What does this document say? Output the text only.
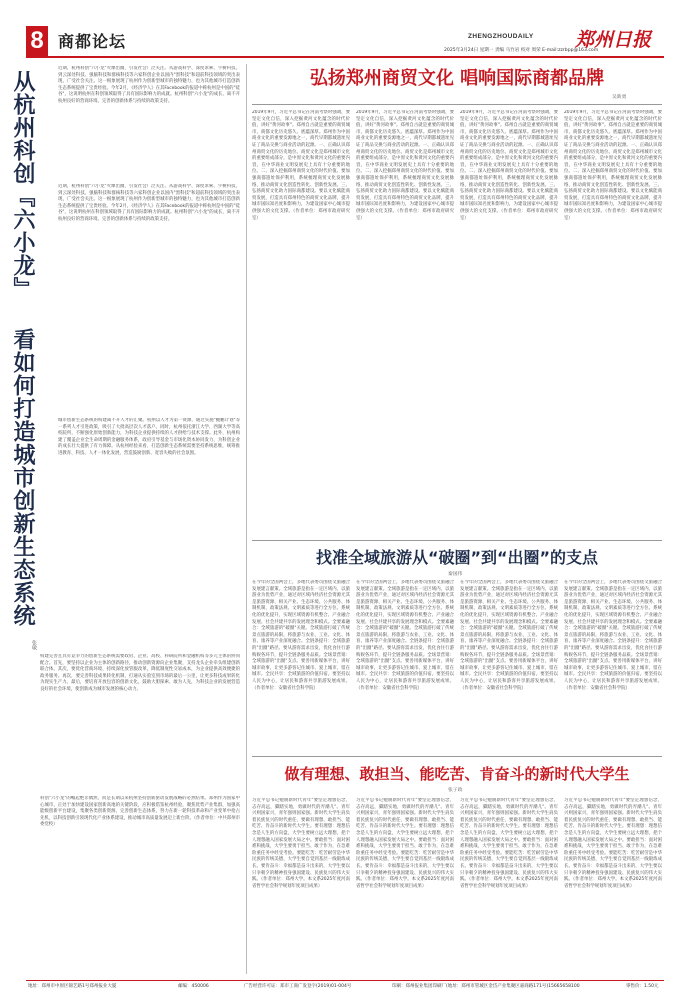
8 商都论坛	ZHENGZHOUDAILY 郑州日报
2025年3月24日 星期一 责编 马竹岩 校对 周荣 E-mail:zzrbpp@163.com
从杭州科创『六小龙』
看如何打造城市创新生态系统
张敏
近期，杭州科创"六小龙"火爆出圈，引发社会广泛关注。从游戏科学、深度求索、宇树科技，到云深处科技、强脑科技和群核科技等六家科创企业以国内"黑科技"和超前科技领域的突出表现，广受社会关注。这一根象展现了杭州作为创新型城市的独特魅力，也为其他城市打造创新生态系统提供了宝贵经验。今年2月，《经济学人》在其Facebook的报道中称杭州是中国的"硅谷"，这说明杭州在科创领域取得了具有国际影响力的成就。杭州科创"六小龙"的成长，离不开杭州良好的营商环境、完善的创新体系与持续的政策支持。
近期，杭州科创"六小龙"火爆出圈，引发社会广泛关注。从游戏科学、深度求索、宇树科技，到云深处科技、强脑科技和群核科技等六家科创企业以国内"黑科技"和超前科技领域的突出表现，广受社会关注。这一根象展现了杭州作为创新型城市的独特魅力，也为其他城市打造创新生态系统提供了宝贵经验。今年2月，《经济学人》在其Facebook的报道中称杭州是中国的"硅谷"，这说明杭州在科创领域取得了具有国际影响力的成就。杭州科创"六小龙"的成长，离不开杭州良好的营商环境、完善的创新体系与持续的政策支持。
城市创新生态系统的构建离不开人才的汇聚。杭州以人才为第一资源，通过实施"鲲鹏计划"等一系列人才引进政策，吸引了大批高层次人才落户。同时，杭州依托浙江大学、西湖大学等高校院所，不断强化原始创新能力，为科技企业提供持续的人才供给与技术支撑。此外，杭州构建了覆盖企业全生命周期的金融服务体系，政府引导基金与市场化资本协同发力，为科创企业的成长壮大提供了有力保障。从杭州经验来看，打造创新生态系统需要坚持系统思维，统筹推进教育、科技、人才一体化发展，营造鼓励创新、宽容失败的社会氛围。
构建完善且具有竞争力的创新生态系统需要政府、企业、高校、科研院所和金融机构等多元主体的协同配合。首先，要坚持以企业为主体的创新路径，推动创新资源向企业集聚，支持龙头企业牵头组建创新联合体。其次，要优化营商环境，持续深化放管服改革，降低制度性交易成本，为企业提供高效便捷的政务服务。再次，要完善科技成果转化机制，打通从实验室到市场的最后一公里，让更多科技成果转化为现实生产力。最后，要培育开放包容的创新文化，鼓励大胆探索、敢为人先，为科技企业的发展营造良好的社会环境，使创新成为城市发展的核心动力。
科创"六小龙"的崛起绝非偶然，而是长期以来杭州坚持创新驱动发展战略的必然结果。郑州作为国家中心城市，正处于加快建设国家创新高地的关键阶段，应积极借鉴杭州经验，聚焦优势产业集群，加强高能级创新平台建设，集聚各类创新资源，完善创新生态体系，努力在新一轮科技革命和产业变革中抢占先机，以科技创新引领现代化产业体系建设，推动城市高质量发展迈上新台阶。（作者单位：中共郑州市委党校）
弘扬郑州商贸文化 唱响国际商都品牌
吴新勇
2019年9月，习近平总书记在河南考察时强调，要坚定文化自信，深入挖掘黄河文化蕴含的时代价值，讲好"黄河故事"。郑州自古就是重要的商贸城市，商都文化历史悠久、底蕴深厚。郑州作为中国商业文化的重要发源地之一，商代早期都城遗址见证了商品交换与商业活动的起源。一、正确认识郑州商贸文化的历史地位。商贸文化是郑州城市文化的重要组成部分，是中原文化和黄河文化的重要内容，在中华商业文明发展史上具有十分重要的地位。二、深入挖掘郑州商贸文化的时代价值。要加强商都遗址保护利用，系统梳理商贸文化发展脉络，推动商贸文化创造性转化、创新性发展。三、弘扬商贸文化助力国际商都建设。要以文化赋能商贸发展，打造具有郑州特色的商贸文化品牌，提升城市国际知名度和影响力，为建设国家中心城市提供强大的文化支撑。（作者单位：郑州市政府研究室）
2019年9月，习近平总书记在河南考察时强调，要坚定文化自信，深入挖掘黄河文化蕴含的时代价值，讲好"黄河故事"。郑州自古就是重要的商贸城市，商都文化历史悠久、底蕴深厚。郑州作为中国商业文化的重要发源地之一，商代早期都城遗址见证了商品交换与商业活动的起源。一、正确认识郑州商贸文化的历史地位。商贸文化是郑州城市文化的重要组成部分，是中原文化和黄河文化的重要内容，在中华商业文明发展史上具有十分重要的地位。二、深入挖掘郑州商贸文化的时代价值。要加强商都遗址保护利用，系统梳理商贸文化发展脉络，推动商贸文化创造性转化、创新性发展。三、弘扬商贸文化助力国际商都建设。要以文化赋能商贸发展，打造具有郑州特色的商贸文化品牌，提升城市国际知名度和影响力，为建设国家中心城市提供强大的文化支撑。（作者单位：郑州市政府研究室）
2019年9月，习近平总书记在河南考察时强调，要坚定文化自信，深入挖掘黄河文化蕴含的时代价值，讲好"黄河故事"。郑州自古就是重要的商贸城市，商都文化历史悠久、底蕴深厚。郑州作为中国商业文化的重要发源地之一，商代早期都城遗址见证了商品交换与商业活动的起源。一、正确认识郑州商贸文化的历史地位。商贸文化是郑州城市文化的重要组成部分，是中原文化和黄河文化的重要内容，在中华商业文明发展史上具有十分重要的地位。二、深入挖掘郑州商贸文化的时代价值。要加强商都遗址保护利用，系统梳理商贸文化发展脉络，推动商贸文化创造性转化、创新性发展。三、弘扬商贸文化助力国际商都建设。要以文化赋能商贸发展，打造具有郑州特色的商贸文化品牌，提升城市国际知名度和影响力，为建设国家中心城市提供强大的文化支撑。（作者单位：郑州市政府研究室）
2019年9月，习近平总书记在河南考察时强调，要坚定文化自信，深入挖掘黄河文化蕴含的时代价值，讲好"黄河故事"。郑州自古就是重要的商贸城市，商都文化历史悠久、底蕴深厚。郑州作为中国商业文化的重要发源地之一，商代早期都城遗址见证了商品交换与商业活动的起源。一、正确认识郑州商贸文化的历史地位。商贸文化是郑州城市文化的重要组成部分，是中原文化和黄河文化的重要内容，在中华商业文明发展史上具有十分重要的地位。二、深入挖掘郑州商贸文化的时代价值。要加强商都遗址保护利用，系统梳理商贸文化发展脉络，推动商贸文化创造性转化、创新性发展。三、弘扬商贸文化助力国际商都建设。要以文化赋能商贸发展，打造具有郑州特色的商贸文化品牌，提升城市国际知名度和影响力，为建设国家中心城市提供强大的文化支撑。（作者单位：郑州市政府研究室）
找准全域旅游从“破圈”到“出圈”的支点
秦国伟
在今年的全国两会上，多地代表委员围绕文旅融合发展建言献策。全域旅游是指在一定区域内，以旅游业为优势产业，通过对区域内经济社会资源尤其是旅游资源、相关产业、生态环境、公共服务、体制机制、政策法规、文明素质等进行全方位、系统化的优化提升，实现区域资源有机整合、产业融合发展、社会共建共享的发展理念和模式。全要素融合：全域旅游的"破圈"关键。全域旅游打破了传统景点旅游的局限，将旅游与农业、工业、文化、体育、康养等产业深度融合。全链条提升：全域旅游的"出圈"路径。要从游客需求出发，优化食住行游购娱各环节，提升全链条服务品质。全场景营销：全域旅游的"出圈"支点。要善用新媒体平台，讲好城市故事，让更多游客记住城市、爱上城市、留在城市。全民共享：全域旅游的价值归宿。要坚持以人民为中心，让居民和游客共享旅游发展成果。（作者单位：安徽省社会科学院）
在今年的全国两会上，多地代表委员围绕文旅融合发展建言献策。全域旅游是指在一定区域内，以旅游业为优势产业，通过对区域内经济社会资源尤其是旅游资源、相关产业、生态环境、公共服务、体制机制、政策法规、文明素质等进行全方位、系统化的优化提升，实现区域资源有机整合、产业融合发展、社会共建共享的发展理念和模式。全要素融合：全域旅游的"破圈"关键。全域旅游打破了传统景点旅游的局限，将旅游与农业、工业、文化、体育、康养等产业深度融合。全链条提升：全域旅游的"出圈"路径。要从游客需求出发，优化食住行游购娱各环节，提升全链条服务品质。全场景营销：全域旅游的"出圈"支点。要善用新媒体平台，讲好城市故事，让更多游客记住城市、爱上城市、留在城市。全民共享：全域旅游的价值归宿。要坚持以人民为中心，让居民和游客共享旅游发展成果。（作者单位：安徽省社会科学院）
在今年的全国两会上，多地代表委员围绕文旅融合发展建言献策。全域旅游是指在一定区域内，以旅游业为优势产业，通过对区域内经济社会资源尤其是旅游资源、相关产业、生态环境、公共服务、体制机制、政策法规、文明素质等进行全方位、系统化的优化提升，实现区域资源有机整合、产业融合发展、社会共建共享的发展理念和模式。全要素融合：全域旅游的"破圈"关键。全域旅游打破了传统景点旅游的局限，将旅游与农业、工业、文化、体育、康养等产业深度融合。全链条提升：全域旅游的"出圈"路径。要从游客需求出发，优化食住行游购娱各环节，提升全链条服务品质。全场景营销：全域旅游的"出圈"支点。要善用新媒体平台，讲好城市故事，让更多游客记住城市、爱上城市、留在城市。全民共享：全域旅游的价值归宿。要坚持以人民为中心，让居民和游客共享旅游发展成果。（作者单位：安徽省社会科学院）
在今年的全国两会上，多地代表委员围绕文旅融合发展建言献策。全域旅游是指在一定区域内，以旅游业为优势产业，通过对区域内经济社会资源尤其是旅游资源、相关产业、生态环境、公共服务、体制机制、政策法规、文明素质等进行全方位、系统化的优化提升，实现区域资源有机整合、产业融合发展、社会共建共享的发展理念和模式。全要素融合：全域旅游的"破圈"关键。全域旅游打破了传统景点旅游的局限，将旅游与农业、工业、文化、体育、康养等产业深度融合。全链条提升：全域旅游的"出圈"路径。要从游客需求出发，优化食住行游购娱各环节，提升全链条服务品质。全场景营销：全域旅游的"出圈"支点。要善用新媒体平台，讲好城市故事，让更多游客记住城市、爱上城市、留在城市。全民共享：全域旅游的价值归宿。要坚持以人民为中心，让居民和游客共享旅游发展成果。（作者单位：安徽省社会科学院）
做有理想、敢担当、能吃苦、肯奋斗的新时代大学生
张子政
习近平总书记勉励新时代青年"要坚定理想信念，志存高远，脚踏实地，勇做时代的弄潮儿"。青年兴则国家兴，青年强则国家强。新时代大学生肩负着民族复兴的时代重任，要做有理想、敢担当、能吃苦、肯奋斗的新时代大学生。要有理想：理想信念是人生的方向盘，大学生要树立远大理想，把个人理想融入国家发展大局之中。要敢担当：面对困难和挑战，大学生要勇于担当、敢于作为，在急难险重任务中经受考验。要能吃苦：吃苦耐劳是中华民族的传统美德，大学生要自觉到基层一线锻炼成长。要肯奋斗：幸福都是奋斗出来的，大学生要以只争朝夕的精神投身强国建设、民族复兴的伟大实践。（作者单位：郑州大学。本文系2025年度河南省哲学社会科学规划年度项目成果）
习近平总书记勉励新时代青年"要坚定理想信念，志存高远，脚踏实地，勇做时代的弄潮儿"。青年兴则国家兴，青年强则国家强。新时代大学生肩负着民族复兴的时代重任，要做有理想、敢担当、能吃苦、肯奋斗的新时代大学生。要有理想：理想信念是人生的方向盘，大学生要树立远大理想，把个人理想融入国家发展大局之中。要敢担当：面对困难和挑战，大学生要勇于担当、敢于作为，在急难险重任务中经受考验。要能吃苦：吃苦耐劳是中华民族的传统美德，大学生要自觉到基层一线锻炼成长。要肯奋斗：幸福都是奋斗出来的，大学生要以只争朝夕的精神投身强国建设、民族复兴的伟大实践。（作者单位：郑州大学。本文系2025年度河南省哲学社会科学规划年度项目成果）
习近平总书记勉励新时代青年"要坚定理想信念，志存高远，脚踏实地，勇做时代的弄潮儿"。青年兴则国家兴，青年强则国家强。新时代大学生肩负着民族复兴的时代重任，要做有理想、敢担当、能吃苦、肯奋斗的新时代大学生。要有理想：理想信念是人生的方向盘，大学生要树立远大理想，把个人理想融入国家发展大局之中。要敢担当：面对困难和挑战，大学生要勇于担当、敢于作为，在急难险重任务中经受考验。要能吃苦：吃苦耐劳是中华民族的传统美德，大学生要自觉到基层一线锻炼成长。要肯奋斗：幸福都是奋斗出来的，大学生要以只争朝夕的精神投身强国建设、民族复兴的伟大实践。（作者单位：郑州大学。本文系2025年度河南省哲学社会科学规划年度项目成果）
习近平总书记勉励新时代青年"要坚定理想信念，志存高远，脚踏实地，勇做时代的弄潮儿"。青年兴则国家兴，青年强则国家强。新时代大学生肩负着民族复兴的时代重任，要做有理想、敢担当、能吃苦、肯奋斗的新时代大学生。要有理想：理想信念是人生的方向盘，大学生要树立远大理想，把个人理想融入国家发展大局之中。要敢担当：面对困难和挑战，大学生要勇于担当、敢于作为，在急难险重任务中经受考验。要能吃苦：吃苦耐劳是中华民族的传统美德，大学生要自觉到基层一线锻炼成长。要肯奋斗：幸福都是奋斗出来的，大学生要以只争朝夕的精神投身强国建设、民族复兴的伟大实践。（作者单位：郑州大学。本文系2025年度河南省哲学社会科学规划年度项目成果）
地址：郑州市中原区锦艺路1号郑州报业大厦	邮编：450006	广告经营许可证：郑市工商广发登字(2019)01-004号	印刷：郑州报业集团印刷厂(地址：郑州市管城区金岱产业集聚区嘉商路171号)15665658100	零售价：1.50元
